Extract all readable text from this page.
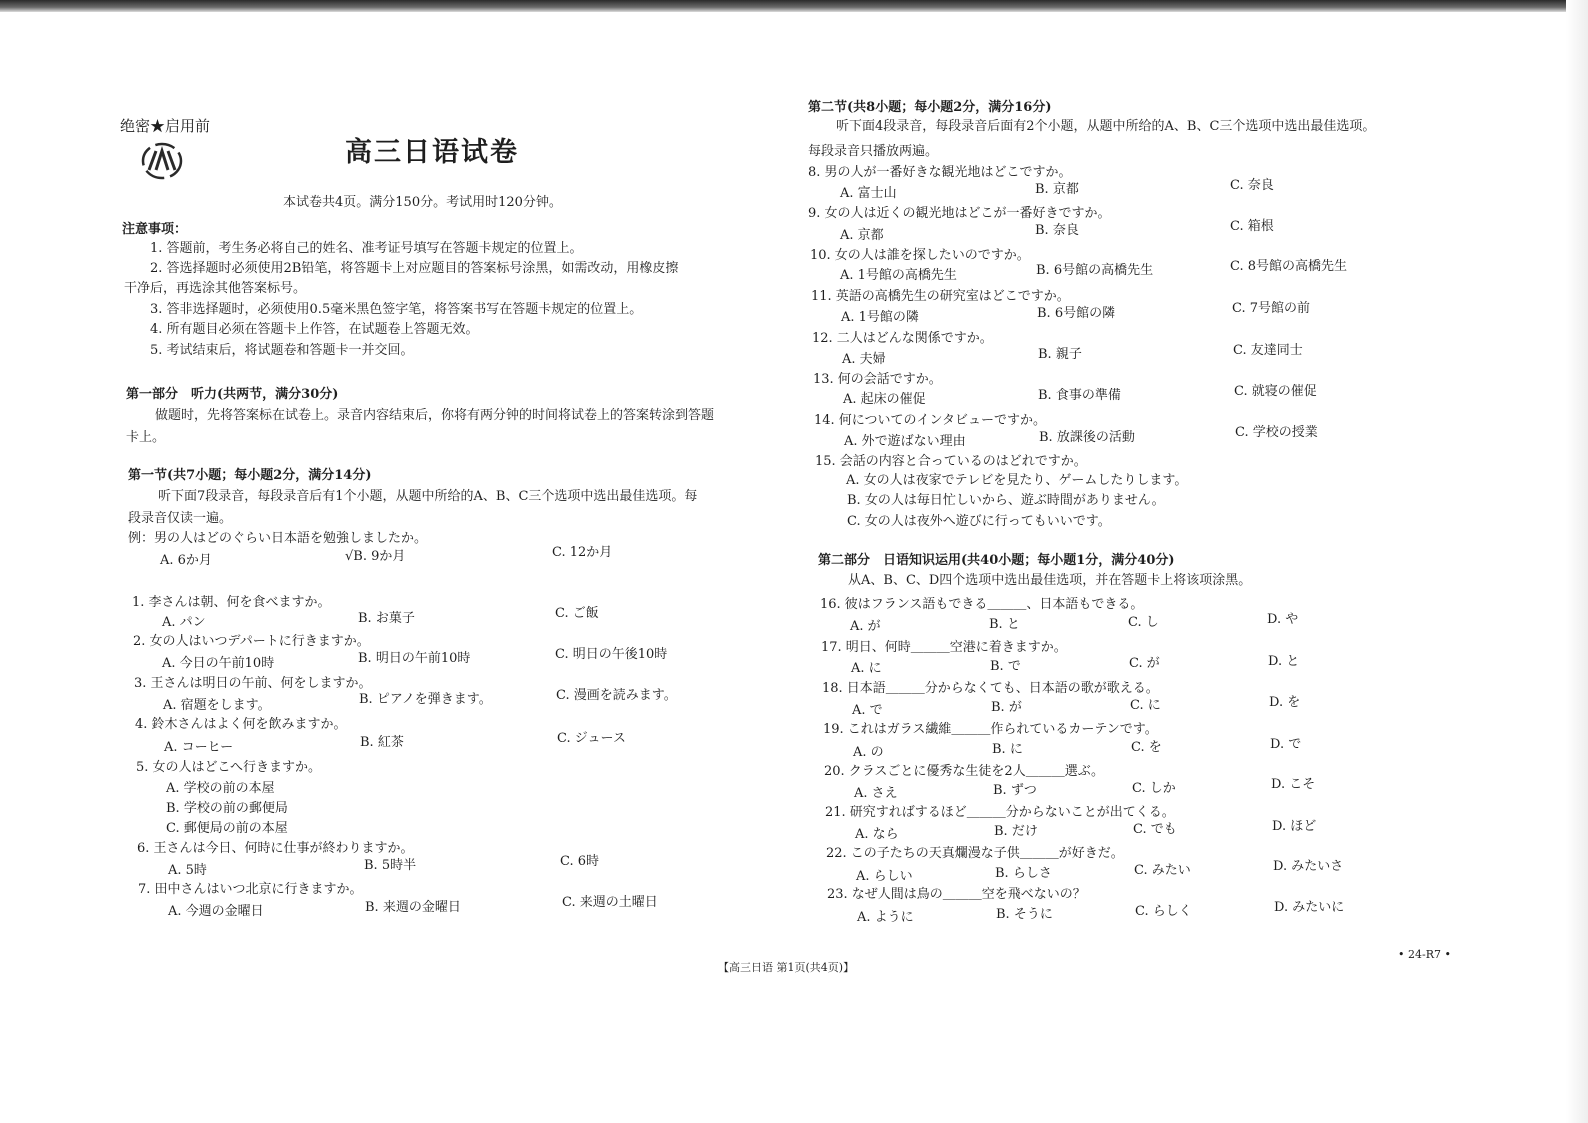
绝密★启用前
高三日语试卷
本试卷共4页。满分150分。考试用时120分钟。
注意事项：
1. 答题前，考生务必将自己的姓名、准考证号填写在答题卡规定的位置上。
2. 答选择题时必须使用2B铅笔，将答题卡上对应题目的答案标号涂黑，如需改动，用橡皮擦
干净后，再选涂其他答案标号。
3. 答非选择题时，必须使用0.5毫米黑色签字笔，将答案书写在答题卡规定的位置上。
4. 所有题目必须在答题卡上作答，在试题卷上答题无效。
5. 考试结束后，将试题卷和答题卡一并交回。
第一部分　听力(共两节，满分30分)
做题时，先将答案标在试卷上。录音内容结束后，你将有两分钟的时间将试卷上的答案转涂到答题
卡上。
第一节(共7小题；每小题2分，满分14分)
听下面7段录音，每段录音后有1个小题，从题中所给的A、B、C三个选项中选出最佳选项。每
段录音仅读一遍。
例：男の人はどのぐらい日本語を勉強しましたか。
A. 6か月	√B. 9か月	C. 12か月
1. 李さんは朝、何を食べますか。
A. パン	B. お菓子	C. ご飯
2. 女の人はいつデパートに行きますか。
A. 今日の午前10時	B. 明日の午前10時	C. 明日の午後10時
3. 王さんは明日の午前、何をしますか。
A. 宿題をします。	B. ピアノを弾きます。	C. 漫画を読みます。
4. 鈴木さんはよく何を飲みますか。
A. コーヒー	B. 紅茶	C. ジュース
5. 女の人はどこへ行きますか。
A. 学校の前の本屋
B. 学校の前の郵便局
C. 郵便局の前の本屋
6. 王さんは今日、何時に仕事が終わりますか。
A. 5時	B. 5時半	C. 6時
7. 田中さんはいつ北京に行きますか。
A. 今週の金曜日	B. 来週の金曜日	C. 来週の土曜日
第二节(共8小题；每小题2分，满分16分)
听下面4段录音，每段录音后面有2个小题，从题中所给的A、B、C三个选项中选出最佳选项。
每段录音只播放两遍。
8. 男の人が一番好きな観光地はどこですか。
A. 富士山	B. 京都	C. 奈良
9. 女の人は近くの観光地はどこが一番好きですか。
A. 京都	B. 奈良	C. 箱根
10. 女の人は誰を探したいのですか。
A. 1号館の高橋先生	B. 6号館の高橋先生	C. 8号館の高橋先生
11. 英語の高橋先生の研究室はどこですか。
A. 1号館の隣	B. 6号館の隣	C. 7号館の前
12. 二人はどんな関係ですか。
A. 夫婦	B. 親子	C. 友達同士
13. 何の会話ですか。
A. 起床の催促	B. 食事の準備	C. 就寝の催促
14. 何についてのインタビューですか。
A. 外で遊ばない理由	B. 放課後の活動	C. 学校の授業
15. 会話の内容と合っているのはどれですか。
A. 女の人は夜家でテレビを見たり、ゲームしたりします。
B. 女の人は毎日忙しいから、遊ぶ時間がありません。
C. 女の人は夜外へ遊びに行ってもいいです。
第二部分　日语知识运用(共40小题；每小题1分，满分40分)
从A、B、C、D四个选项中选出最佳选项，并在答题卡上将该项涂黑。
16. 彼はフランス語もできる＿＿＿、日本語もできる。
A. が	B. と	C. し	D. や
17. 明日、何時＿＿＿空港に着きますか。
A. に	B. で	C. が	D. と
18. 日本語＿＿＿分からなくても、日本語の歌が歌える。
A. で	B. が	C. に	D. を
19. これはガラス繊維＿＿＿作られているカーテンです。
A. の	B. に	C. を	D. で
20. クラスごとに優秀な生徒を2人＿＿＿選ぶ。
A. さえ	B. ずつ	C. しか	D. こそ
21. 研究すればするほど＿＿＿分からないことが出てくる。
A. なら	B. だけ	C. でも	D. ほど
22. この子たちの天真爛漫な子供＿＿＿が好きだ。
A. らしい	B. らしさ	C. みたい	D. みたいさ
23. なぜ人間は鳥の＿＿＿空を飛べないの？
A. ように	B. そうに	C. らしく	D. みたいに
【高三日语 第1页(共4页)】
• 24-R7 •
